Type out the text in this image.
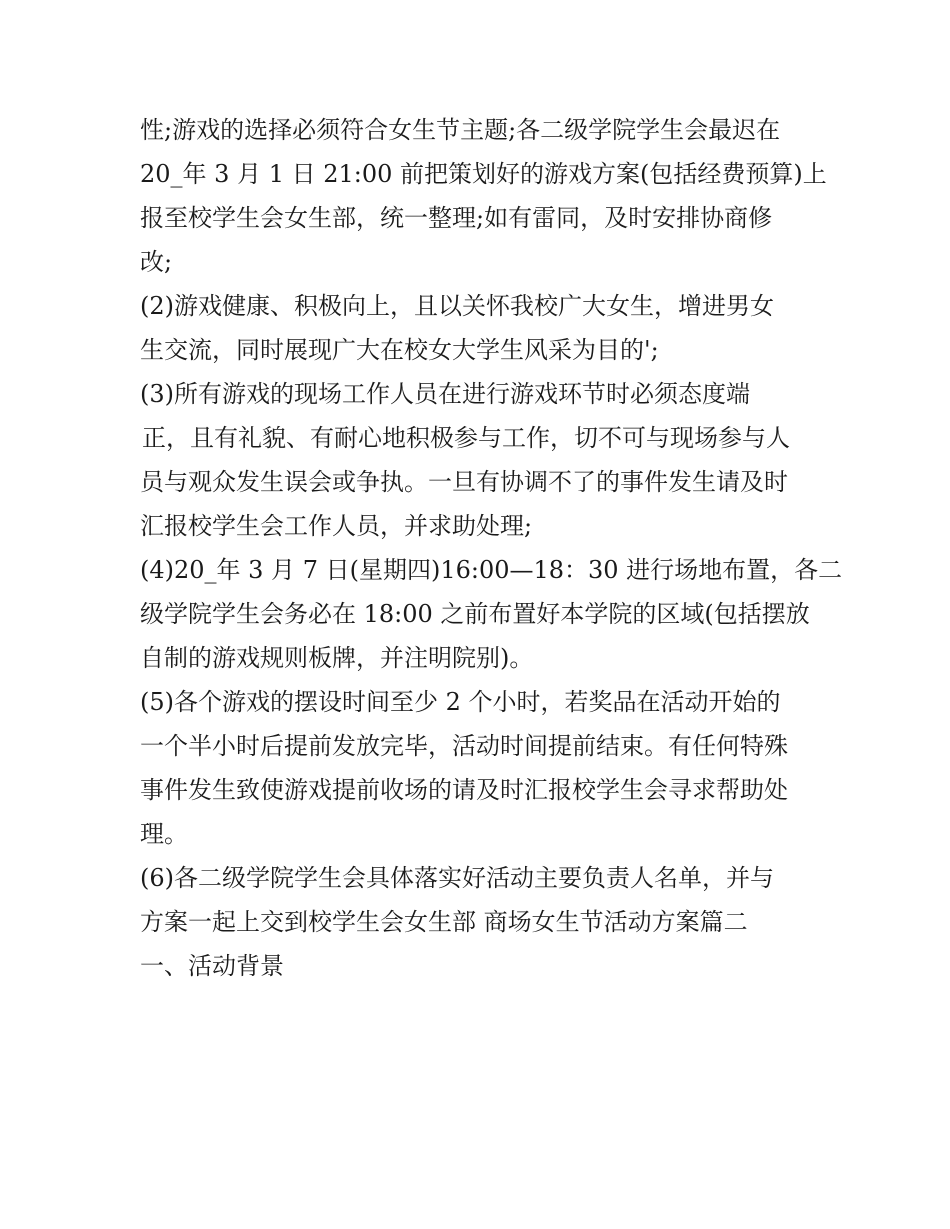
性;游戏的选择必须符合女生节主题;各二级学院学生会最迟在
20_年 3 月 1 日 21:00 前把策划好的游戏方案(包括经费预算)上
报至校学生会女生部，统一整理;如有雷同，及时安排协商修
改;
(2)游戏健康、积极向上，且以关怀我校广大女生，增进男女
生交流，同时展现广大在校女大学生风采为目的';
(3)所有游戏的现场工作人员在进行游戏环节时必须态度端
正，且有礼貌、有耐心地积极参与工作，切不可与现场参与人
员与观众发生误会或争执。一旦有协调不了的事件发生请及时
汇报校学生会工作人员，并求助处理;
(4)20_年 3 月 7 日(星期四)16:00—18：30 进行场地布置，各二
级学院学生会务必在 18:00 之前布置好本学院的区域(包括摆放
自制的游戏规则板牌，并注明院别)。
(5)各个游戏的摆设时间至少 2 个小时，若奖品在活动开始的
一个半小时后提前发放完毕，活动时间提前结束。有任何特殊
事件发生致使游戏提前收场的请及时汇报校学生会寻求帮助处
理。
(6)各二级学院学生会具体落实好活动主要负责人名单，并与
方案一起上交到校学生会女生部 商场女生节活动方案篇二
一、活动背景
